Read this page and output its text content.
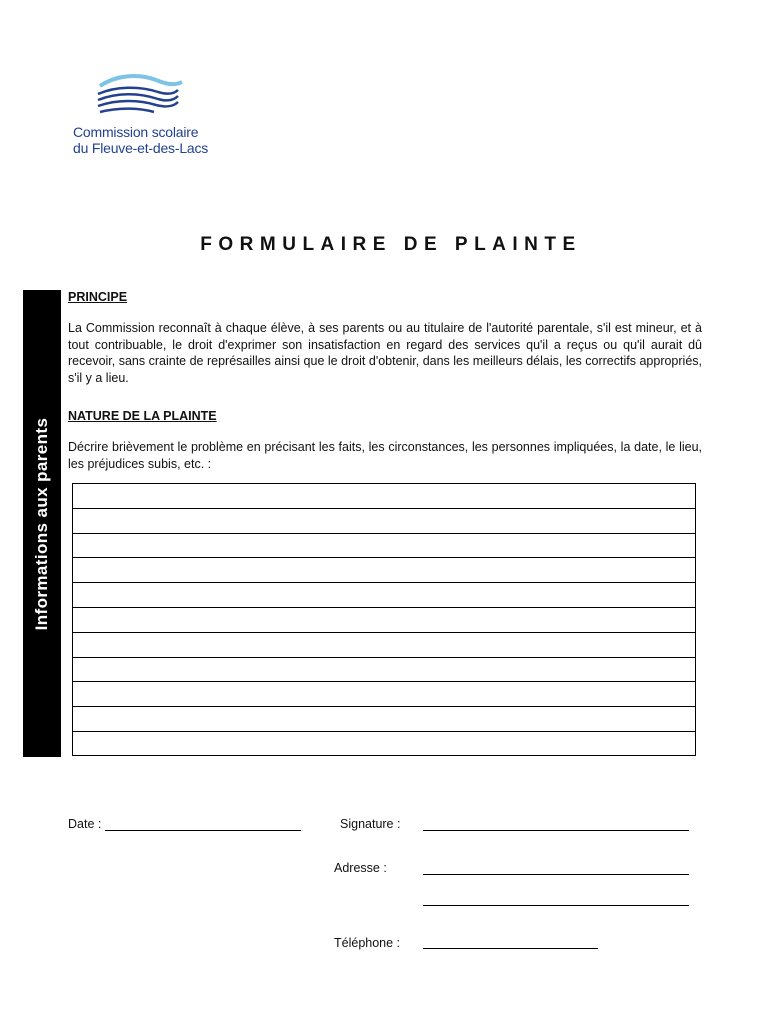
Commission scolaire
du Fleuve-et-des-Lacs
FORMULAIRE DE PLAINTE
Informations aux parents
PRINCIPE
La Commission reconnaît à chaque élève, à ses parents ou au titulaire de l'autorité parentale, s'il est mineur, et à tout contribuable, le droit d'exprimer son insatisfaction en regard des services qu'il a reçus ou qu'il aurait dû recevoir, sans crainte de représailles ainsi que le droit d'obtenir, dans les meilleurs délais, les correctifs appropriés, s'il y a lieu.
NATURE DE LA PLAINTE
Décrire brièvement le problème en précisant les faits, les circonstances, les personnes impliquées, la date, le lieu, les préjudices subis, etc. :
Date :	Signature :
Adresse :
Téléphone :
